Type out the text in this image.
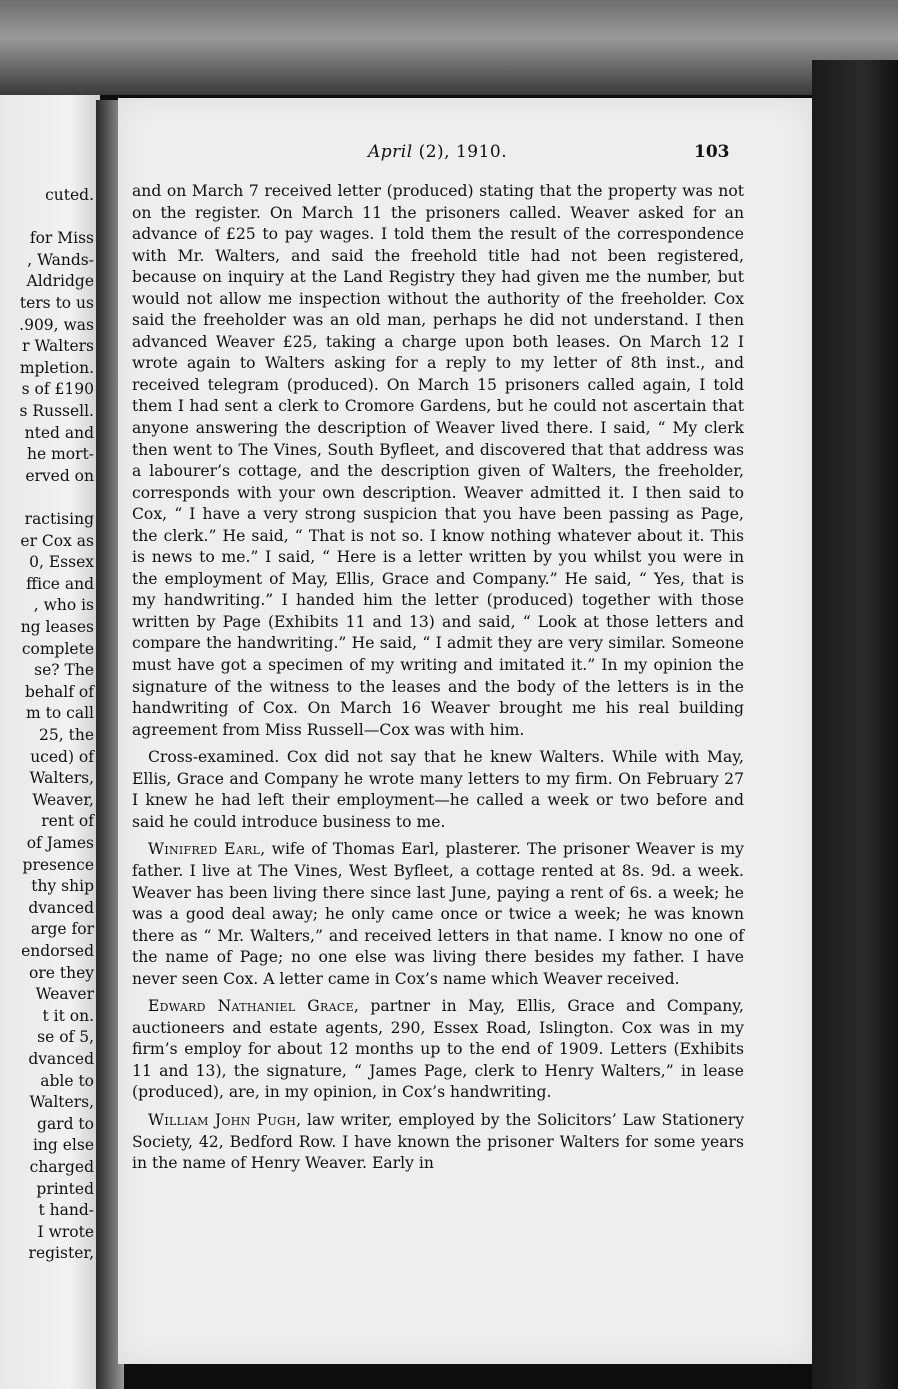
cuted.
for Miss
, Wands-
Aldridge
ters to us
.909, was
r Walters
mpletion.
s of £190
s Russell.
nted and
he mort-
erved on
ractising
er Cox as
0, Essex
ffice and
, who is
ng leases
complete
se? The
behalf of
m to call
25, the
uced) of
Walters,
Weaver,
rent of
of James
presence
thy ship
dvanced
arge for
endorsed
ore they
Weaver
t it on.
se of 5,
dvanced
able to
Walters,
gard to
ing else
charged
printed
t hand-
I wrote
register,
April (2), 1910.	103

and on March 7 received letter (produced) stating that the property was not on the register. On March 11 the prisoners called. Weaver asked for an advance of £25 to pay wages. I told them the result of the correspondence with Mr. Walters, and said the freehold title had not been registered, because on inquiry at the Land Registry they had given me the number, but would not allow me inspection without the authority of the freeholder. Cox said the freeholder was an old man, perhaps he did not understand. I then advanced Weaver £25, taking a charge upon both leases. On March 12 I wrote again to Walters asking for a reply to my letter of 8th inst., and received telegram (produced). On March 15 prisoners called again, I told them I had sent a clerk to Cromore Gardens, but he could not ascertain that anyone answering the description of Weaver lived there. I said, “ My clerk then went to The Vines, South Byfleet, and discovered that that address was a labourer’s cottage, and the description given of Walters, the freeholder, corresponds with your own description. Weaver admitted it. I then said to Cox, “ I have a very strong suspicion that you have been passing as Page, the clerk.” He said, “ That is not so. I know nothing whatever about it. This is news to me.” I said, “ Here is a letter written by you whilst you were in the employment of May, Ellis, Grace and Company.” He said, “ Yes, that is my handwriting.” I handed him the letter (produced) together with those written by Page (Exhibits 11 and 13) and said, “ Look at those letters and compare the handwriting.” He said, “ I admit they are very similar. Someone must have got a specimen of my writing and imitated it.” In my opinion the signature of the witness to the leases and the body of the letters is in the handwriting of Cox. On March 16 Weaver brought me his real building agreement from Miss Russell—Cox was with him.

Cross-examined. Cox did not say that he knew Walters. While with May, Ellis, Grace and Company he wrote many letters to my firm. On February 27 I knew he had left their employment—he called a week or two before and said he could introduce business to me.

Winifred Earl, wife of Thomas Earl, plasterer. The prisoner Weaver is my father. I live at The Vines, West Byfleet, a cottage rented at 8s. 9d. a week. Weaver has been living there since last June, paying a rent of 6s. a week; he was a good deal away; he only came once or twice a week; he was known there as “ Mr. Walters,” and received letters in that name. I know no one of the name of Page; no one else was living there besides my father. I have never seen Cox. A letter came in Cox’s name which Weaver received.

Edward Nathaniel Grace, partner in May, Ellis, Grace and Company, auctioneers and estate agents, 290, Essex Road, Islington. Cox was in my firm’s employ for about 12 months up to the end of 1909. Letters (Exhibits 11 and 13), the signature, “ James Page, clerk to Henry Walters,” in lease (produced), are, in my opinion, in Cox’s handwriting.

William John Pugh, law writer, employed by the Solicitors’ Law Stationery Society, 42, Bedford Row. I have known the prisoner Walters for some years in the name of Henry Weaver. Early in
